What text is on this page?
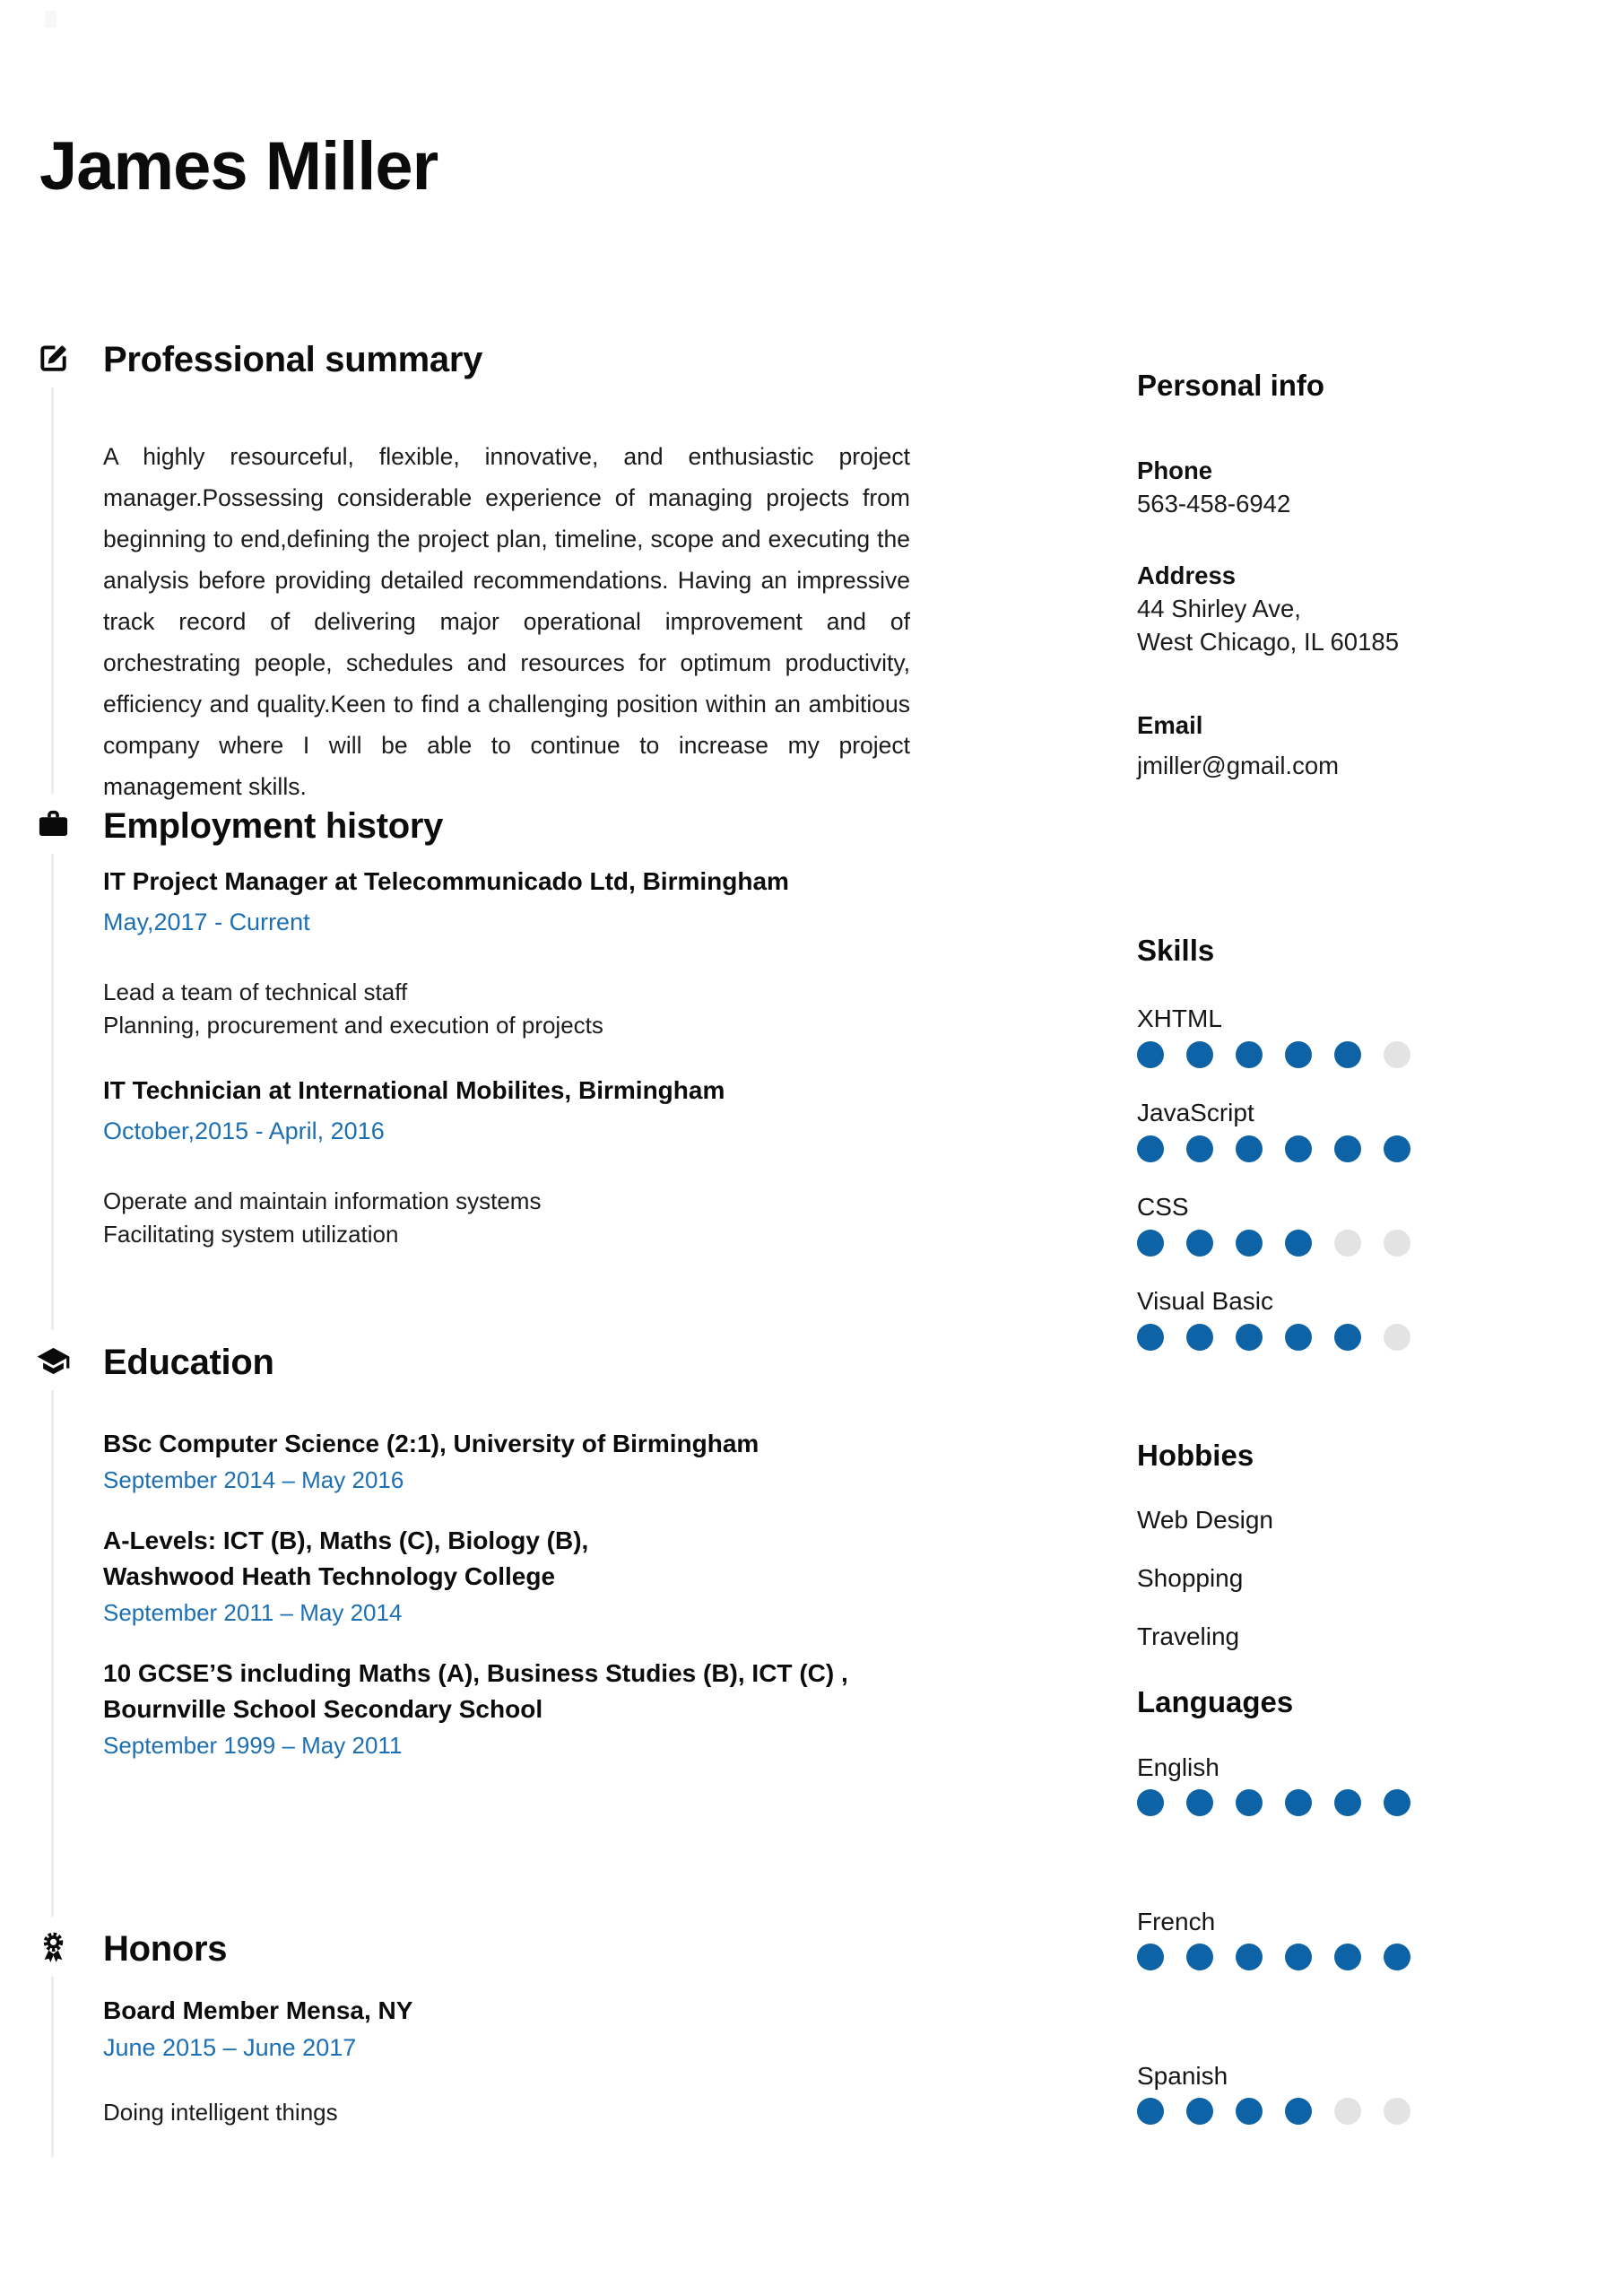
James Miller
Professional summary
A highly resourceful, flexible, innovative, and enthusiastic project manager.Possessing considerable experience of managing projects from beginning to end,defining the project plan, timeline, scope and executing the analysis before providing detailed recommendations. Having an impressive track record of delivering major operational improvement and of orchestrating people, schedules and resources for optimum productivity, efficiency and quality.Keen to find a challenging position within an ambitious company where I will be able to continue to increase my project management skills.
Employment history
IT Project Manager at Telecommunicado Ltd, Birmingham
May,2017 - Current
Lead a team of technical staff
Planning, procurement and execution of projects
IT Technician at International Mobilites, Birmingham
October,2015 - April, 2016
Operate and maintain information systems
Facilitating system utilization
Education
BSc Computer Science (2:1), University of Birmingham
September 2014 – May 2016
A-Levels: ICT (B), Maths (C), Biology (B),
Washwood Heath Technology College
September 2011 – May 2014
10 GCSE’S including Maths (A), Business Studies (B), ICT (C) ,
Bournville School Secondary School
September 1999 – May 2011
Honors
Board Member Mensa, NY
June 2015 – June 2017
Doing intelligent things
Personal info
Phone
563-458-6942
Address
44 Shirley Ave,
West Chicago, IL 60185
Email
jmiller@gmail.com
Skills
XHTML
JavaScript
CSS
Visual Basic
Hobbies
Web Design
Shopping
Traveling
Languages
English
French
Spanish
